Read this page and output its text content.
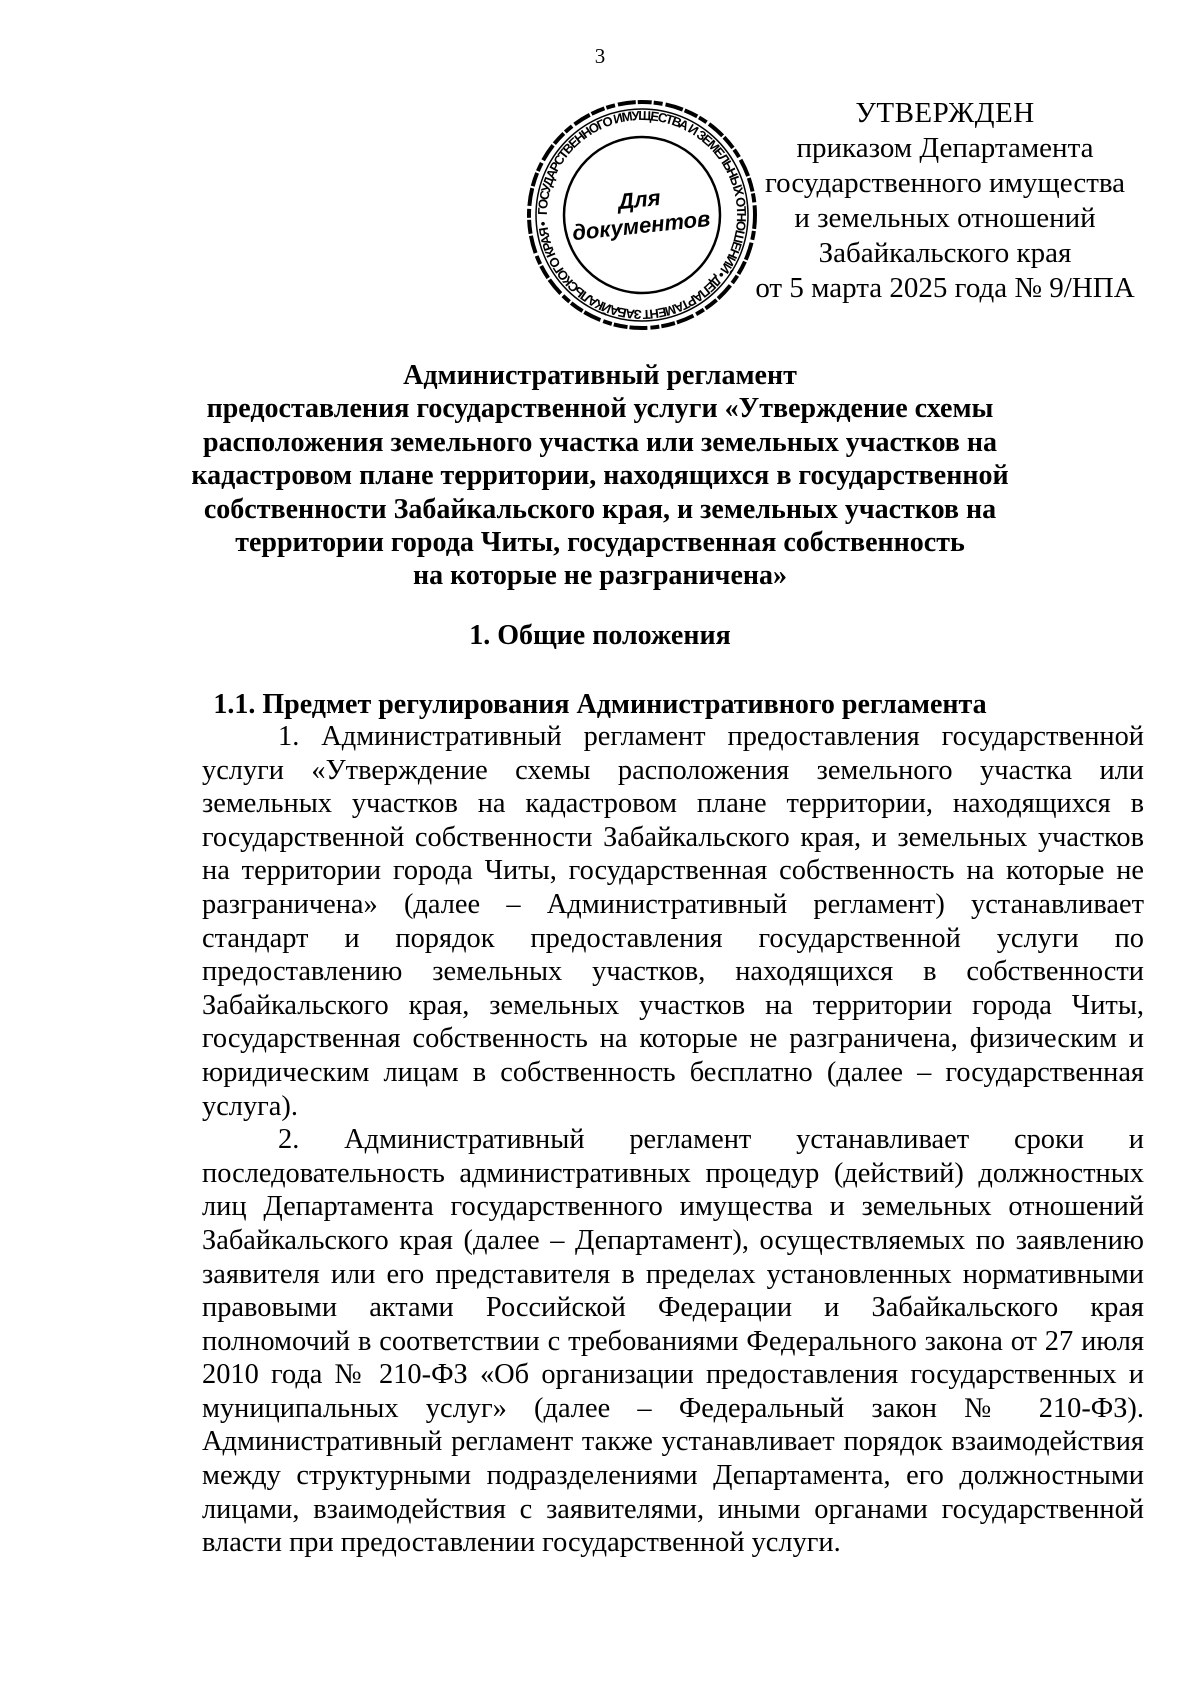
3
ГОСУДАРСТВЕННОГО ИМУЩЕСТВА И ЗЕМЕЛЬНЫХ ОТНОШЕНИЙ • ДЕПАРТАМЕНТ ЗАБАЙКАЛЬСКОГО КРАЯ •
Для
документов
УТВЕРЖДЕН
приказом Департамента
государственного имущества
и земельных отношений
Забайкальского края
от 5 марта 2025 года № 9/НПА
Административный регламент
предоставления государственной услуги «Утверждение схемы
расположения земельного участка или земельных участков на
кадастровом плане территории, находящихся в государственной
собственности Забайкальского края, и земельных участков на
территории города Читы, государственная собственность
на которые не разграничена»
1. Общие положения
1.1. Предмет регулирования Административного регламента
1. Административный регламент предоставления государственной
услуги «Утверждение схемы расположения земельного участка или
земельных участков на кадастровом плане территории, находящихся в
государственной собственности Забайкальского края, и земельных участков
на территории города Читы, государственная собственность на которые не
разграничена» (далее – Административный регламент) устанавливает
стандарт и порядок предоставления государственной услуги по
предоставлению земельных участков, находящихся в собственности
Забайкальского края, земельных участков на территории города Читы,
государственная собственность на которые не разграничена, физическим и
юридическим лицам в собственность бесплатно (далее – государственная
услуга).
2. Административный регламент устанавливает сроки и
последовательность административных процедур (действий) должностных
лиц Департамента государственного имущества и земельных отношений
Забайкальского края (далее – Департамент), осуществляемых по заявлению
заявителя или его представителя в пределах установленных нормативными
правовыми актами Российской Федерации и Забайкальского края
полномочий в соответствии с требованиями Федерального закона от 27 июля
2010 года № 210-ФЗ «Об организации предоставления государственных и
муниципальных услуг» (далее – Федеральный закон № 210-ФЗ).
Административный регламент также устанавливает порядок взаимодействия
между структурными подразделениями Департамента, его должностными
лицами, взаимодействия с заявителями, иными органами государственной
власти при предоставлении государственной услуги.
